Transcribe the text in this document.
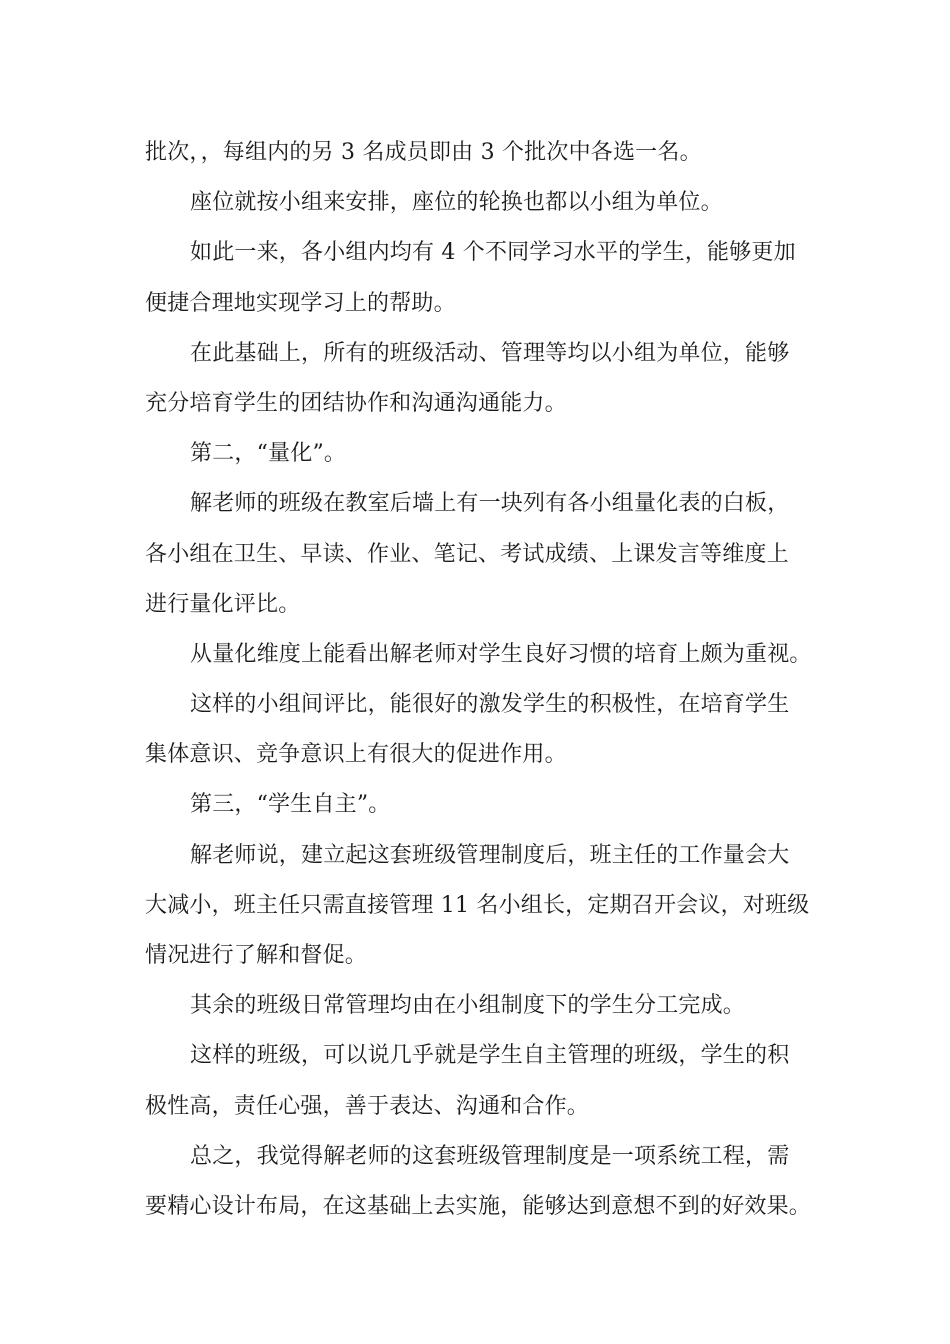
批次，，每组内的另 3 名成员即由 3 个批次中各选一名。
座位就按小组来安排，座位的轮换也都以小组为单位。
如此一来，各小组内均有 4 个不同学习水平的学生，能够更加
便捷合理地实现学习上的帮助。
在此基础上，所有的班级活动、管理等均以小组为单位，能够
充分培育学生的团结协作和沟通沟通能力。
第二，“量化”。
解老师的班级在教室后墙上有一块列有各小组量化表的白板，
各小组在卫生、早读、作业、笔记、考试成绩、上课发言等维度上
进行量化评比。
从量化维度上能看出解老师对学生良好习惯的培育上颇为重视。
这样的小组间评比，能很好的激发学生的积极性，在培育学生
集体意识、竞争意识上有很大的促进作用。
第三，“学生自主”。
解老师说，建立起这套班级管理制度后，班主任的工作量会大
大减小，班主任只需直接管理 11 名小组长，定期召开会议，对班级
情况进行了解和督促。
其余的班级日常管理均由在小组制度下的学生分工完成。
这样的班级，可以说几乎就是学生自主管理的班级，学生的积
极性高，责任心强，善于表达、沟通和合作。
总之，我觉得解老师的这套班级管理制度是一项系统工程，需
要精心设计布局，在这基础上去实施，能够达到意想不到的好效果。
